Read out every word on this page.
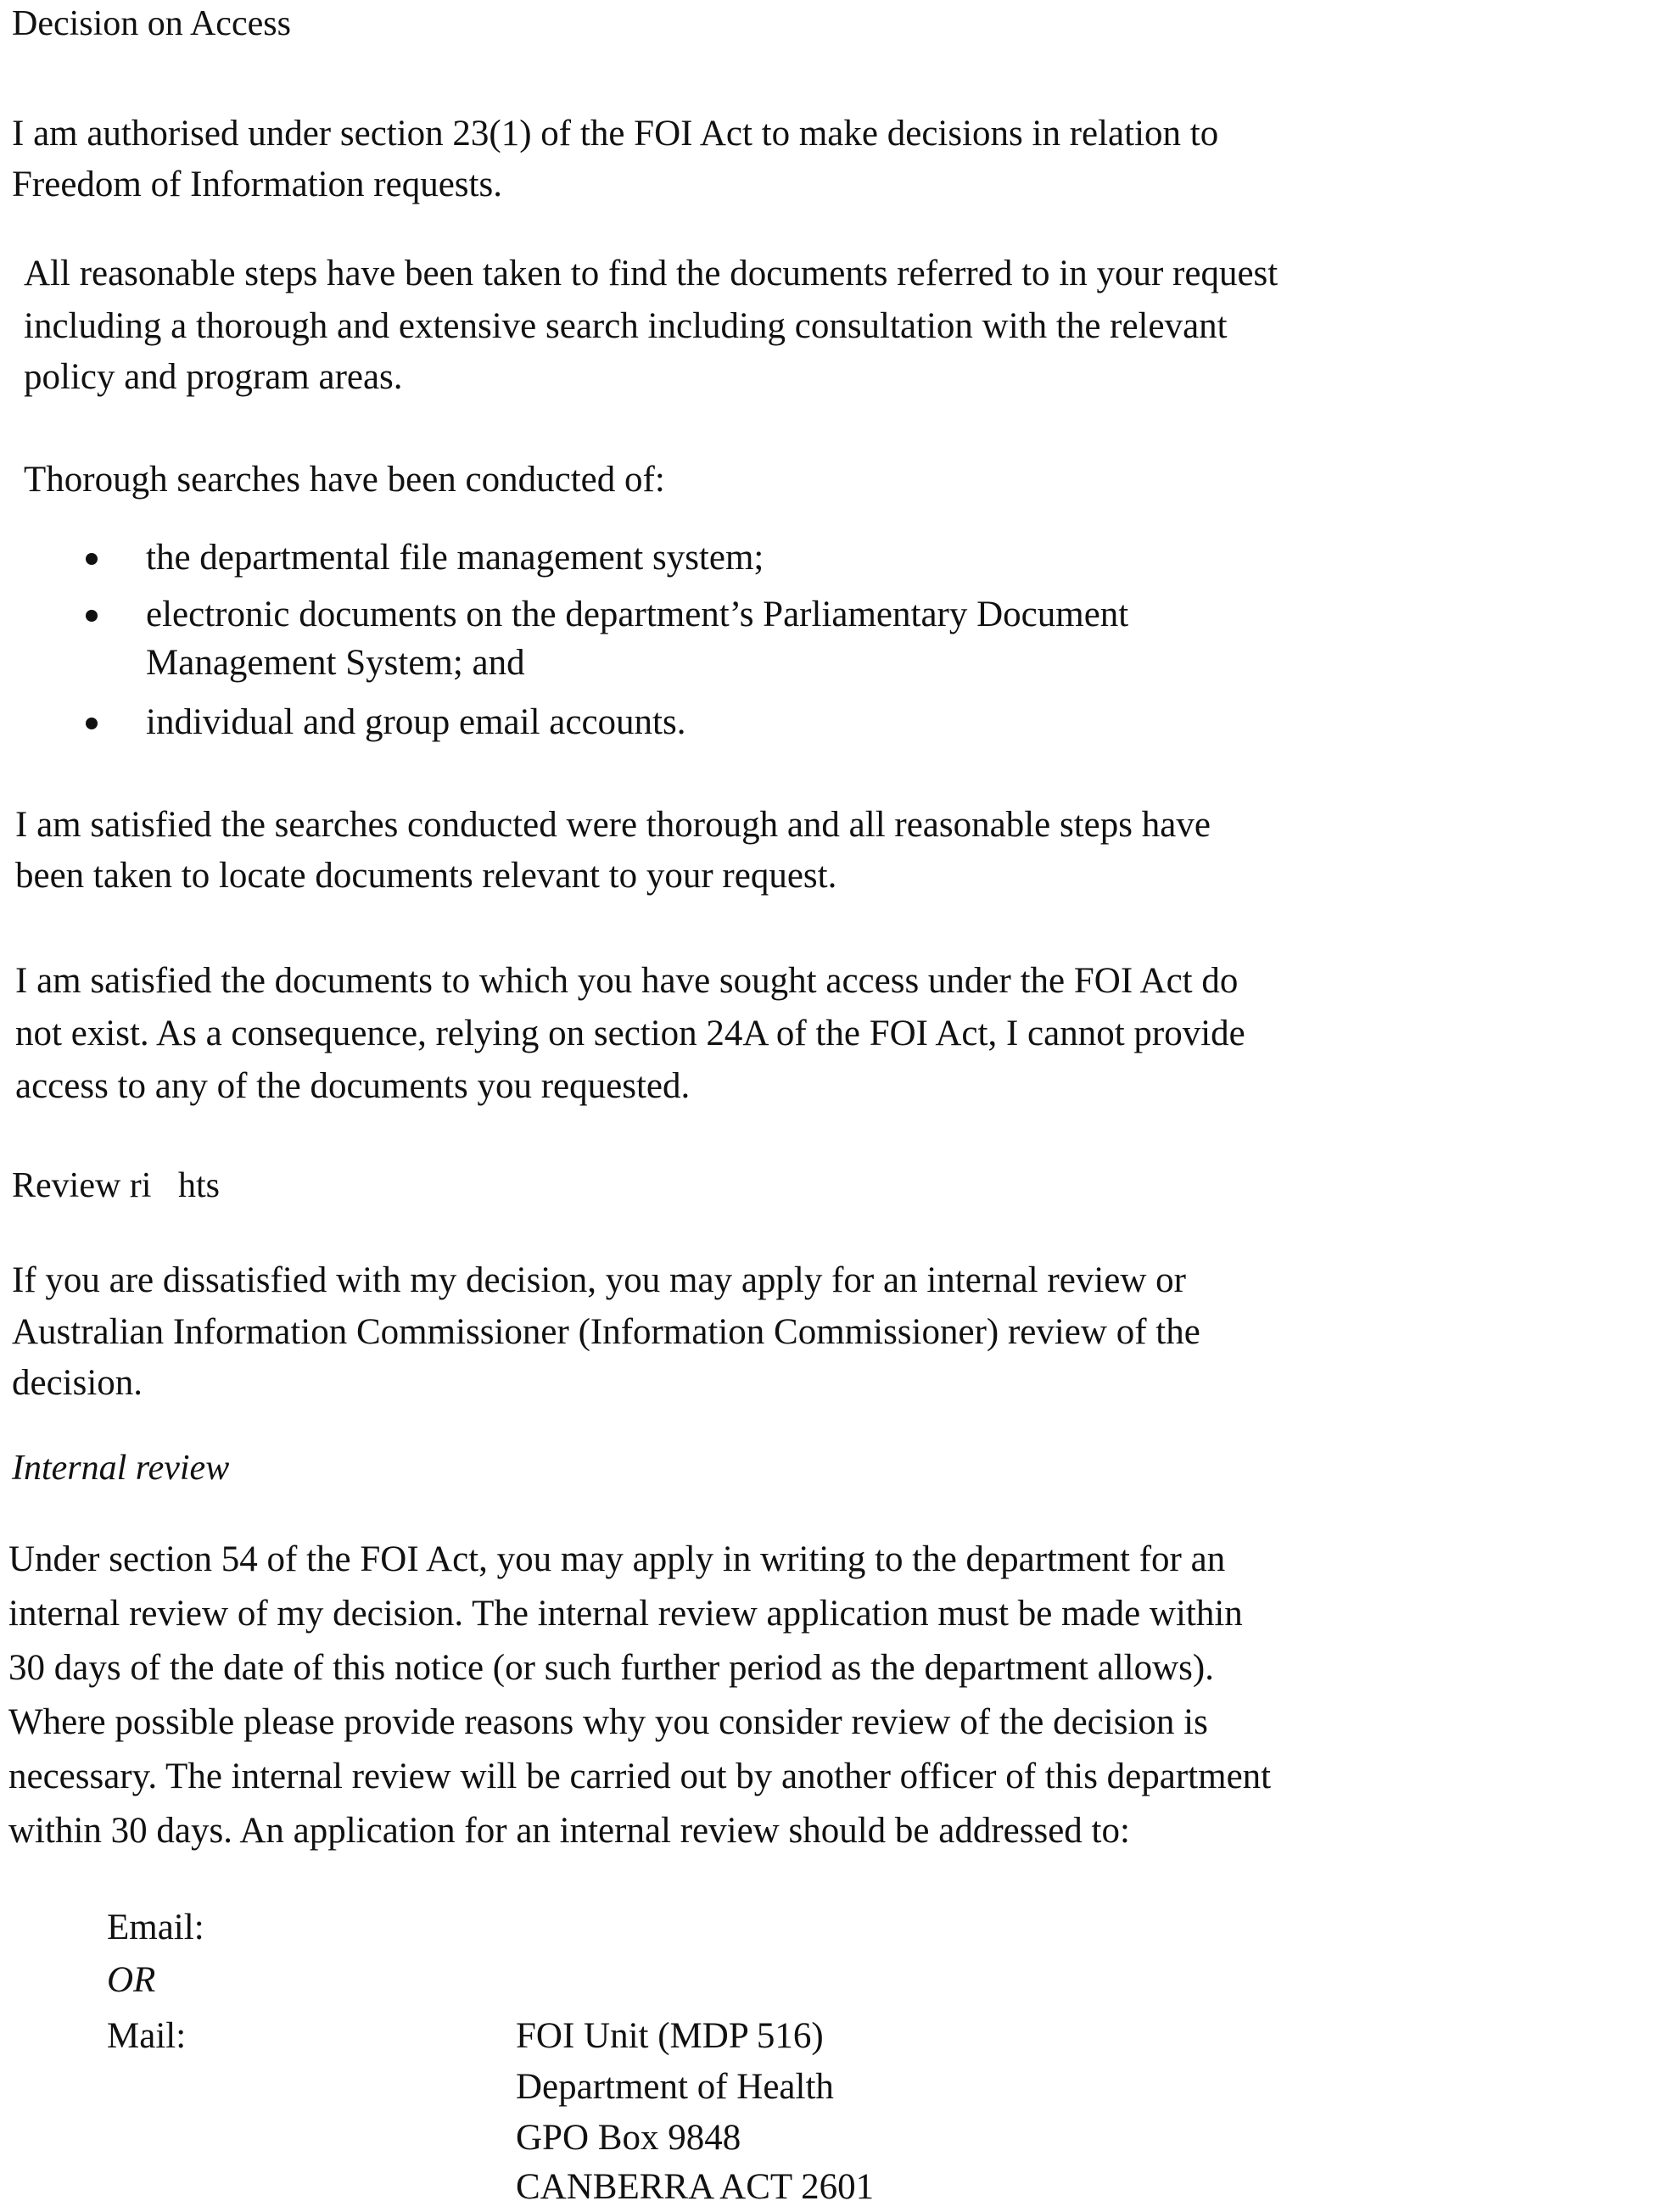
Decision on Access
I am authorised under section 23(1) of the FOI Act to make decisions in relation to
Freedom of Information requests.
All reasonable steps have been taken to find the documents referred to in your request
including a thorough and extensive search including consultation with the relevant
policy and program areas.
Thorough searches have been conducted of:
the departmental file management system;
electronic documents on the department’s Parliamentary Document
Management System; and
individual and group email accounts.
I am satisfied the searches conducted were thorough and all reasonable steps have
been taken to locate documents relevant to your request.
I am satisfied the documents to which you have sought access under the FOI Act do
not exist. As a consequence, relying on section 24A of the FOI Act, I cannot provide
access to any of the documents you requested.
Review ri   hts
If you are dissatisfied with my decision, you may apply for an internal review or
Australian Information Commissioner (Information Commissioner) review of the
decision.
Internal review
Under section 54 of the FOI Act, you may apply in writing to the department for an
internal review of my decision. The internal review application must be made within
30 days of the date of this notice (or such further period as the department allows).
Where possible please provide reasons why you consider review of the decision is
necessary. The internal review will be carried out by another officer of this department
within 30 days. An application for an internal review should be addressed to:
Email:
OR
Mail:	FOI Unit (MDP 516)
Department of Health
GPO Box 9848
CANBERRA ACT 2601
